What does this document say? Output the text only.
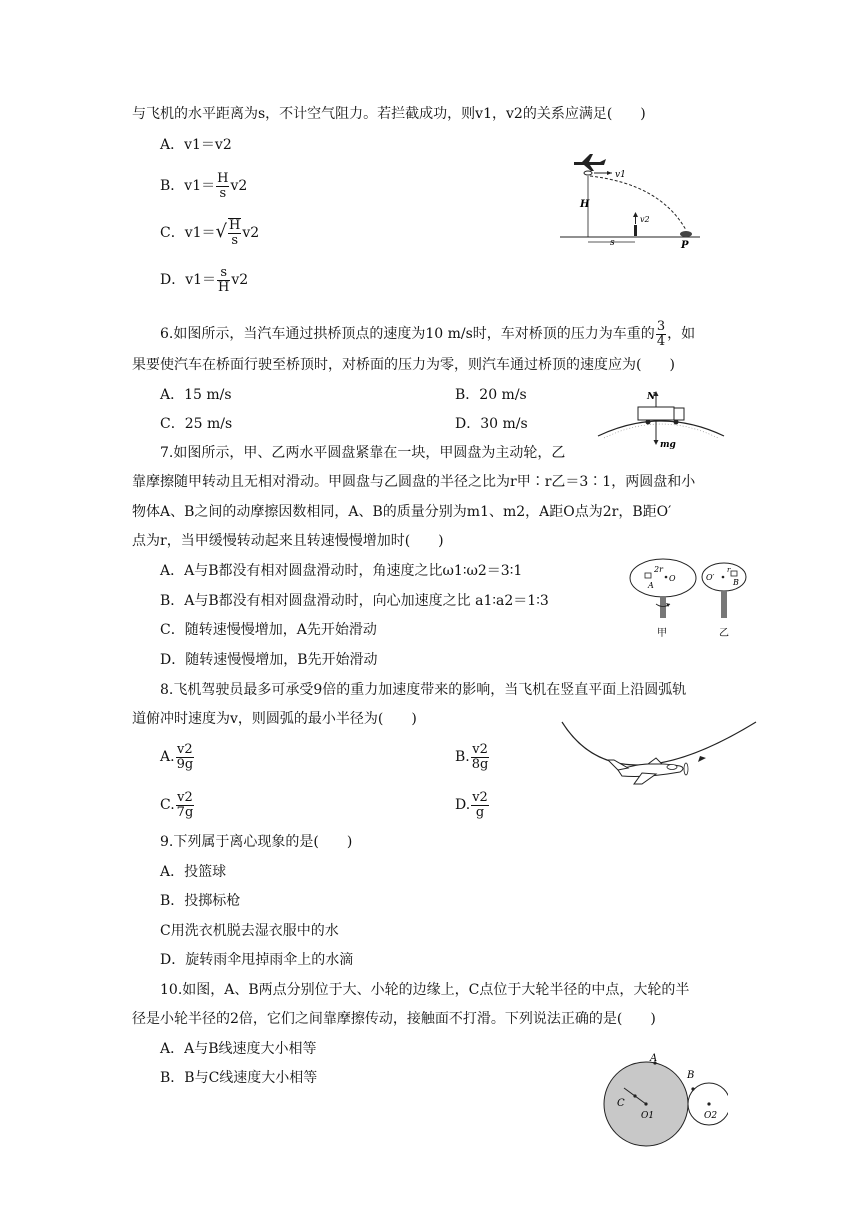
与飞机的水平距离为s，不计空气阻力。若拦截成功，则v1，v2的关系应满足(　　)
A．v1＝v2
B．$v1= \frac{H}{s} v2$
C．$v1=√ \frac{H}{s} v2$
D．$v1= \frac{s}{H} v2$
v1
H
v2
s	P
6.如图所示，当汽车通过拱桥顶点的速度为10 m/s时，车对桥顶的压力为车重的 $\frac{3}{4}$ ，如
果要使汽车在桥面行驶至桥顶时，对桥面的压力为零，则汽车通过桥顶的速度应为(　　)
A．15 m/s	B．20 m/s
C．25 m/s	D．30 m/s
N
mg
7.如图所示，甲、乙两水平圆盘紧靠在一块，甲圆盘为主动轮，乙
靠摩擦随甲转动且无相对滑动。甲圆盘与乙圆盘的半径之比为r甲∶r乙＝3∶1，两圆盘和小
物体A、B之间的动摩擦因数相同，A、B的质量分别为m1、m2，A距O点为2r，B距O′
点为r，当甲缓慢转动起来且转速慢慢增加时(　　)
A．A与B都没有相对圆盘滑动时，角速度之比ω1∶ω2＝3∶1
B．A与B都没有相对圆盘滑动时，向心加速度之比 a1∶a2＝1∶3
C．随转速慢慢增加，A先开始滑动
D．随转速慢慢增加，B先开始滑动
A
2r
O	O′
r
B
甲	乙
8.飞机驾驶员最多可承受9倍的重力加速度带来的影响，当飞机在竖直平面上沿圆弧轨
道俯冲时速度为v，则圆弧的最小半径为(　　)
A. $\frac{v2}{9g}$	B. $\frac{v2}{8g}$
C. $\frac{v2}{7g}$	D. $\frac{v2}{g}$
9.下列属于离心现象的是(　　)
A．投篮球
B．投掷标枪
C用洗衣机脱去湿衣服中的水
D．旋转雨伞甩掉雨伞上的水滴
10.如图，A、B两点分别位于大、小轮的边缘上，C点位于大轮半径的中点，大轮的半
径是小轮半径的2倍，它们之间靠摩擦传动，接触面不打滑。下列说法正确的是(　　)
A．A与B线速度大小相等
B．B与C线速度大小相等
A
B
C
O1	O2
